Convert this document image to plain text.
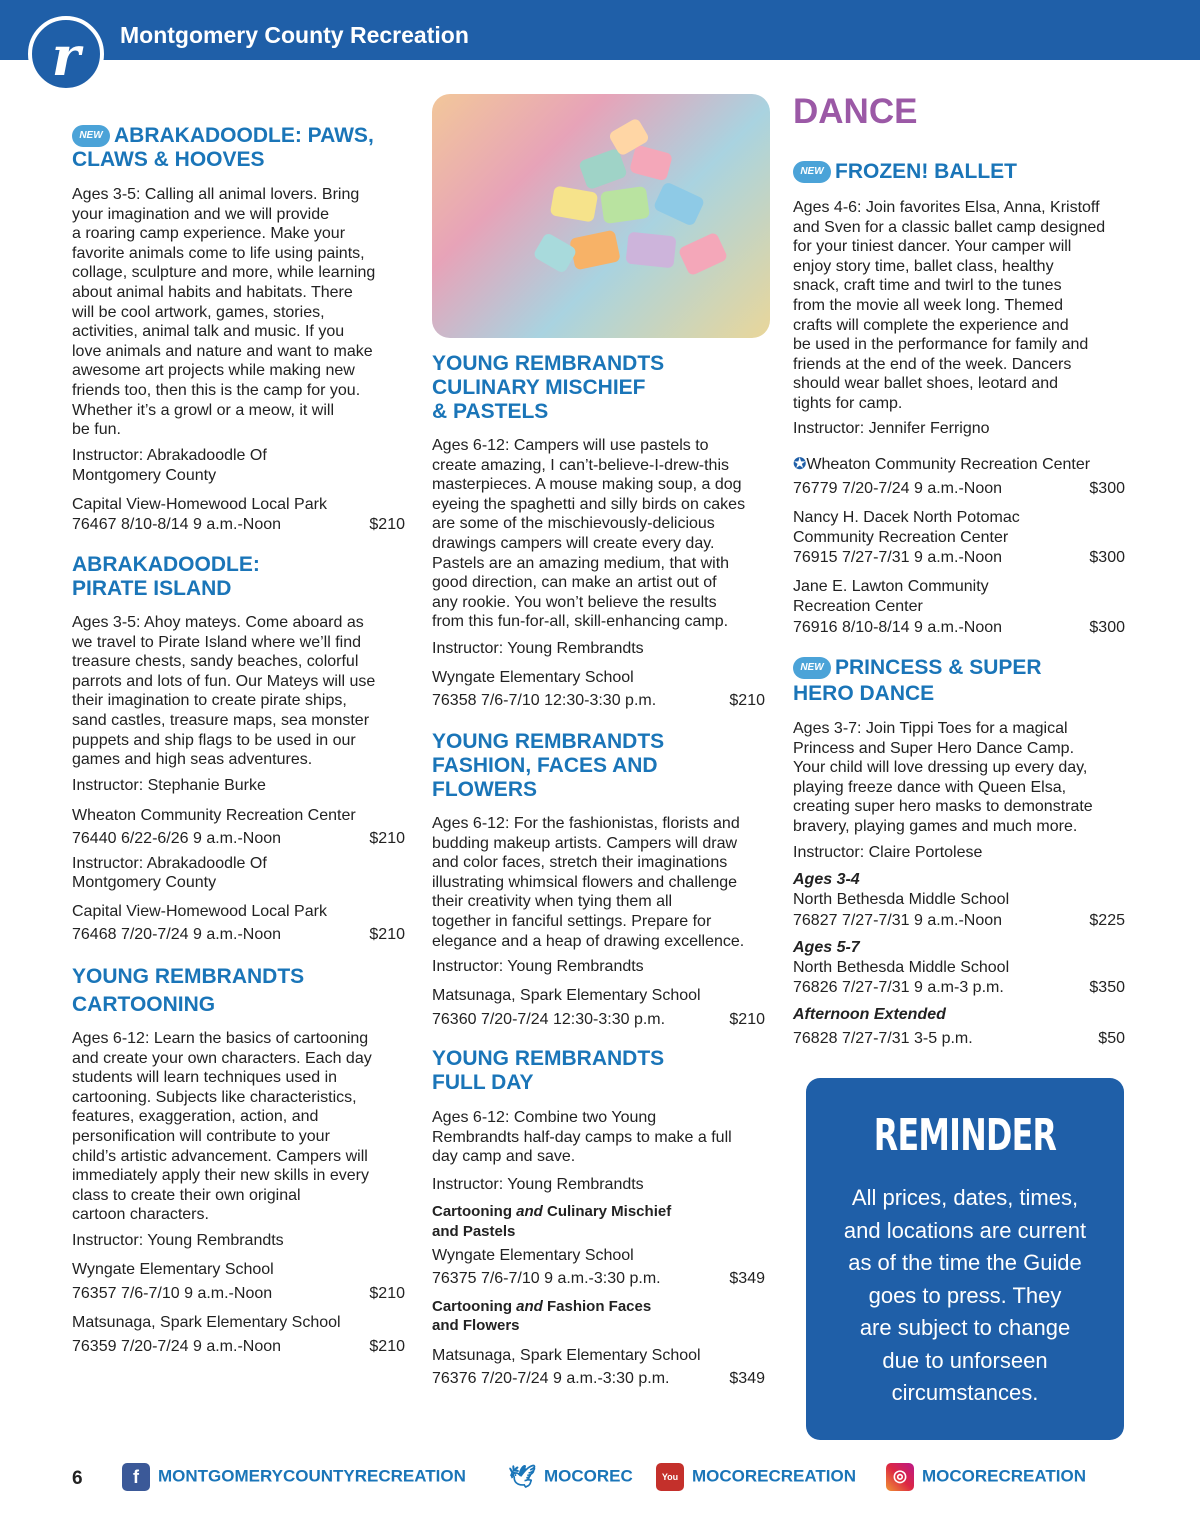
Montgomery County Recreation
r
NEW ABRAKADOODLE: PAWS,
CLAWS & HOOVES
Ages 3-5: Calling all animal lovers. Bring
your imagination and we will provide
a roaring camp experience. Make your
favorite animals come to life using paints,
collage, sculpture and more, while learning
about animal habits and habitats. There
will be cool artwork, games, stories,
activities, animal talk and music. If you
love animals and nature and want to make
awesome art projects while making new
friends too, then this is the camp for you.
Whether it’s a growl or a meow, it will
be fun.
Instructor: Abrakadoodle Of
Montgomery County
Capital View-Homewood Local Park
76467 8/10-8/14 9 a.m.-Noon	$210
ABRAKADOODLE:
PIRATE ISLAND
Ages 3-5: Ahoy mateys. Come aboard as
we travel to Pirate Island where we’ll find
treasure chests, sandy beaches, colorful
parrots and lots of fun. Our Mateys will use
their imagination to create pirate ships,
sand castles, treasure maps, sea monster
puppets and ship flags to be used in our
games and high seas adventures.
Instructor: Stephanie Burke
Wheaton Community Recreation Center
76440 6/22-6/26 9 a.m.-Noon	$210
Instructor: Abrakadoodle Of
Montgomery County
Capital View-Homewood Local Park
76468 7/20-7/24 9 a.m.-Noon	$210
YOUNG REMBRANDTS
CARTOONING
Ages 6-12: Learn the basics of cartooning
and create your own characters. Each day
students will learn techniques used in
cartooning. Subjects like characteristics,
features, exaggeration, action, and
personification will contribute to your
child’s artistic advancement. Campers will
immediately apply their new skills in every
class to create their own original
cartoon characters.
Instructor: Young Rembrandts
Wyngate Elementary School
76357 7/6-7/10 9 a.m.-Noon	$210
Matsunaga, Spark Elementary School
76359 7/20-7/24 9 a.m.-Noon	$210
YOUNG REMBRANDTS
CULINARY MISCHIEF
& PASTELS
Ages 6-12: Campers will use pastels to
create amazing, I can’t-believe-I-drew-this
masterpieces. A mouse making soup, a dog
eyeing the spaghetti and silly birds on cakes
are some of the mischievously-delicious
drawings campers will create every day.
Pastels are an amazing medium, that with
good direction, can make an artist out of
any rookie. You won’t believe the results
from this fun-for-all, skill-enhancing camp.
Instructor: Young Rembrandts
Wyngate Elementary School
76358 7/6-7/10 12:30-3:30 p.m.	$210
YOUNG REMBRANDTS
FASHION, FACES AND
FLOWERS
Ages 6-12: For the fashionistas, florists and
budding makeup artists. Campers will draw
and color faces, stretch their imaginations
illustrating whimsical flowers and challenge
their creativity when tying them all
together in fanciful settings. Prepare for
elegance and a heap of drawing excellence.
Instructor: Young Rembrandts
Matsunaga, Spark Elementary School
76360 7/20-7/24 12:30-3:30 p.m.	$210
YOUNG REMBRANDTS
FULL DAY
Ages 6-12: Combine two Young
Rembrandts half-day camps to make a full
day camp and save.
Instructor: Young Rembrandts
Cartooning and Culinary Mischief
and Pastels
Wyngate Elementary School
76375 7/6-7/10 9 a.m.-3:30 p.m.	$349
Cartooning and Fashion Faces
and Flowers
Matsunaga, Spark Elementary School
76376 7/20-7/24 9 a.m.-3:30 p.m.	$349
DANCE
NEW FROZEN! BALLET
Ages 4-6: Join favorites Elsa, Anna, Kristoff
and Sven for a classic ballet camp designed
for your tiniest dancer. Your camper will
enjoy story time, ballet class, healthy
snack, craft time and twirl to the tunes
from the movie all week long. Themed
crafts will complete the experience and
be used in the performance for family and
friends at the end of the week. Dancers
should wear ballet shoes, leotard and
tights for camp.
Instructor: Jennifer Ferrigno
✪Wheaton Community Recreation Center
76779 7/20-7/24 9 a.m.-Noon	$300
Nancy H. Dacek North Potomac
Community Recreation Center
76915 7/27-7/31 9 a.m.-Noon	$300
Jane E. Lawton Community
Recreation Center
76916 8/10-8/14 9 a.m.-Noon	$300
NEW PRINCESS & SUPER
HERO DANCE
Ages 3-7: Join Tippi Toes for a magical
Princess and Super Hero Dance Camp.
Your child will love dressing up every day,
playing freeze dance with Queen Elsa,
creating super hero masks to demonstrate
bravery, playing games and much more.
Instructor: Claire Portolese
Ages 3-4
North Bethesda Middle School
76827 7/27-7/31 9 a.m.-Noon	$225
Ages 5-7
North Bethesda Middle School
76826 7/27-7/31 9 a.m-3 p.m.	$350
Afternoon Extended
76828 7/27-7/31 3-5 p.m.	$50
REMINDER
All prices, dates, times,
and locations are current
as of the time the Guide
goes to press. They
are subject to change
due to unforseen
circumstances.
6	f MONTGOMERYCOUNTYRECREATION 🕊 MOCOREC	You MOCORECREATION	◎ MOCORECREATION
